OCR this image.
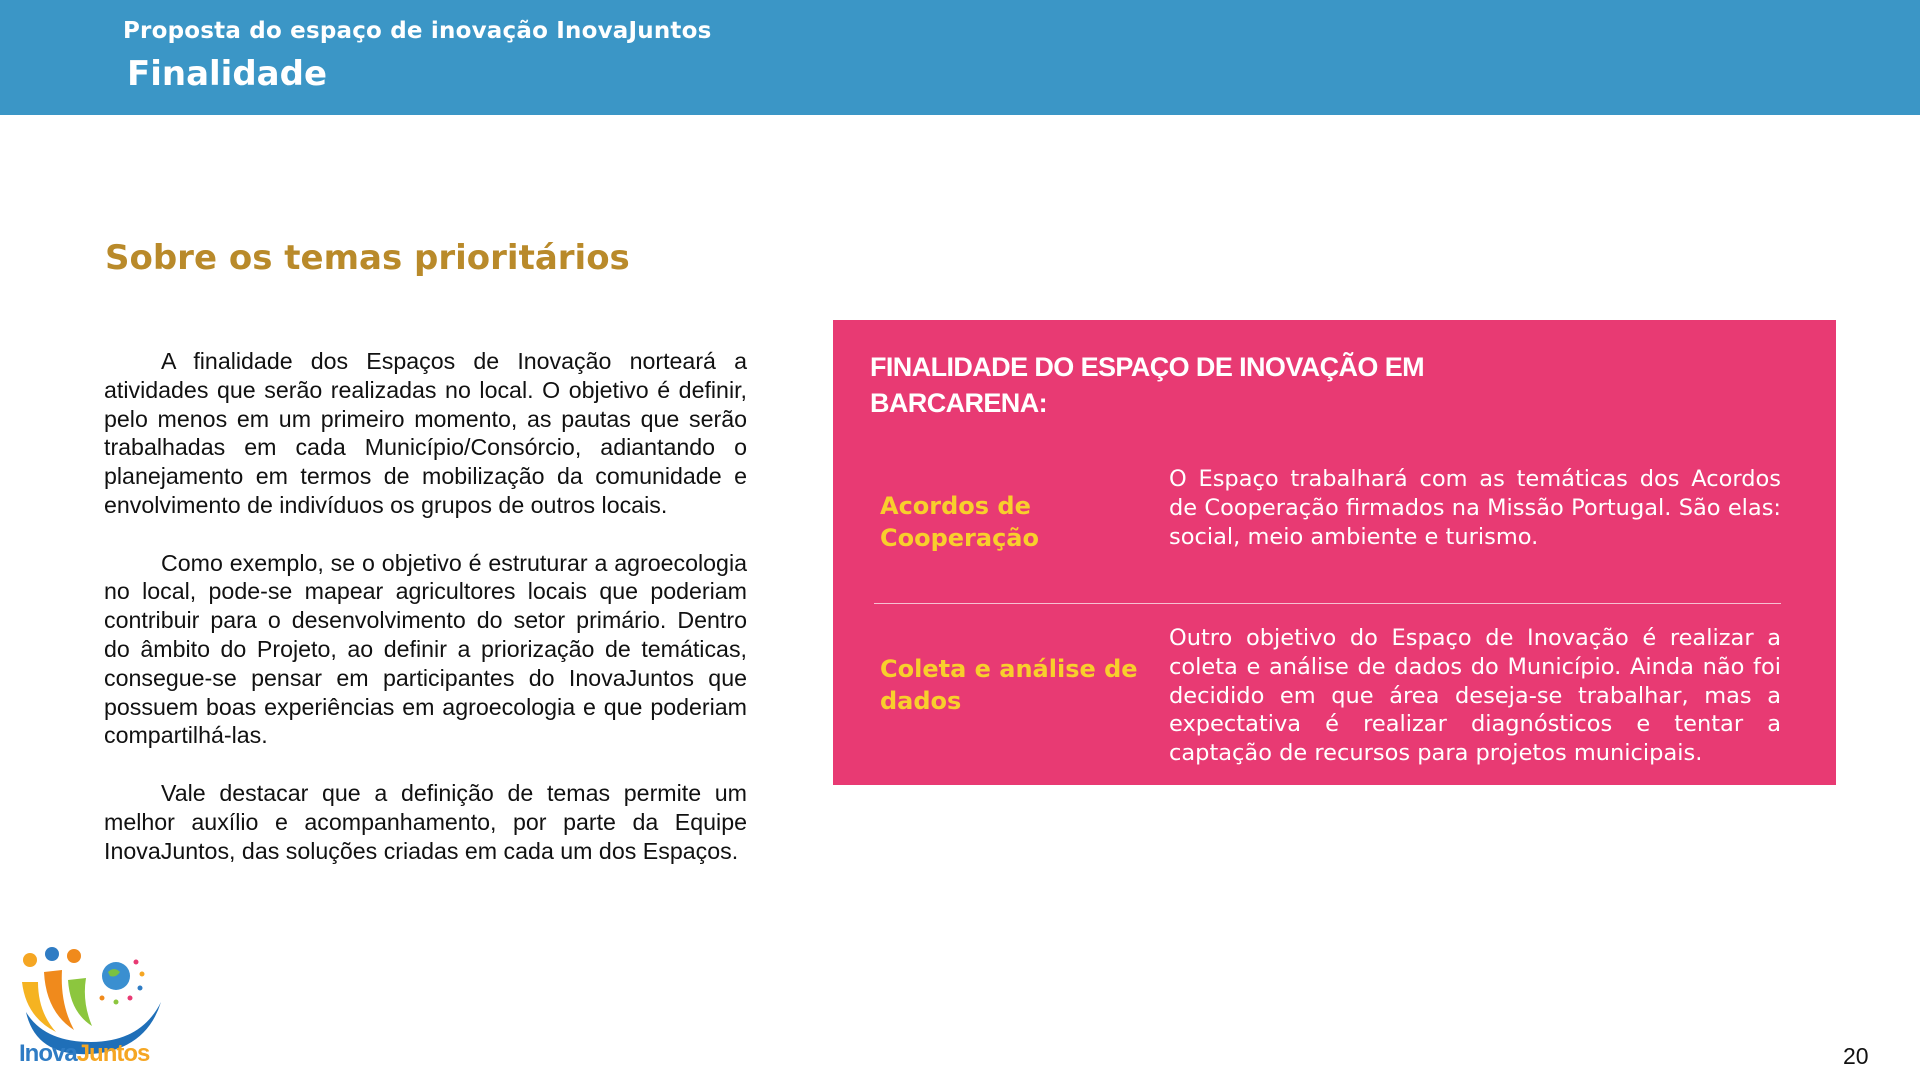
Proposta do espaço de inovação InovaJuntos
Finalidade
Sobre os temas prioritários

A finalidade dos Espaços de Inovação norteará a atividades que serão realizadas no local. O objetivo é definir, pelo menos em um primeiro momento, as pautas que serão trabalhadas em cada Município/Consórcio, adiantando o planejamento em termos de mobilização da comunidade e envolvimento de indivíduos os grupos de outros locais.

Como exemplo, se o objetivo é estruturar a agroecologia no local, pode-se mapear agricultores locais que poderiam contribuir para o desenvolvimento do setor primário. Dentro do âmbito do Projeto, ao definir a priorização de temáticas, consegue-se pensar em participantes do InovaJuntos que possuem boas experiências em agroecologia e que poderiam compartilhá-las.

Vale destacar que a definição de temas permite um melhor auxílio e acompanhamento, por parte da Equipe InovaJuntos, das soluções criadas em cada um dos Espaços.

FINALIDADE DO ESPAÇO DE INOVAÇÃO EM BARCARENA:
Acordos de Cooperação
O Espaço trabalhará com as temáticas dos Acordos de Cooperação firmados na Missão Portugal. São elas: social, meio ambiente e turismo.
Coleta e análise de dados
Outro objetivo do Espaço de Inovação é realizar a coleta e análise de dados do Município. Ainda não foi decidido em que área deseja-se trabalhar, mas a expectativa é realizar diagnósticos e tentar a captação de recursos para projetos municipais.
InovaJuntos	20
